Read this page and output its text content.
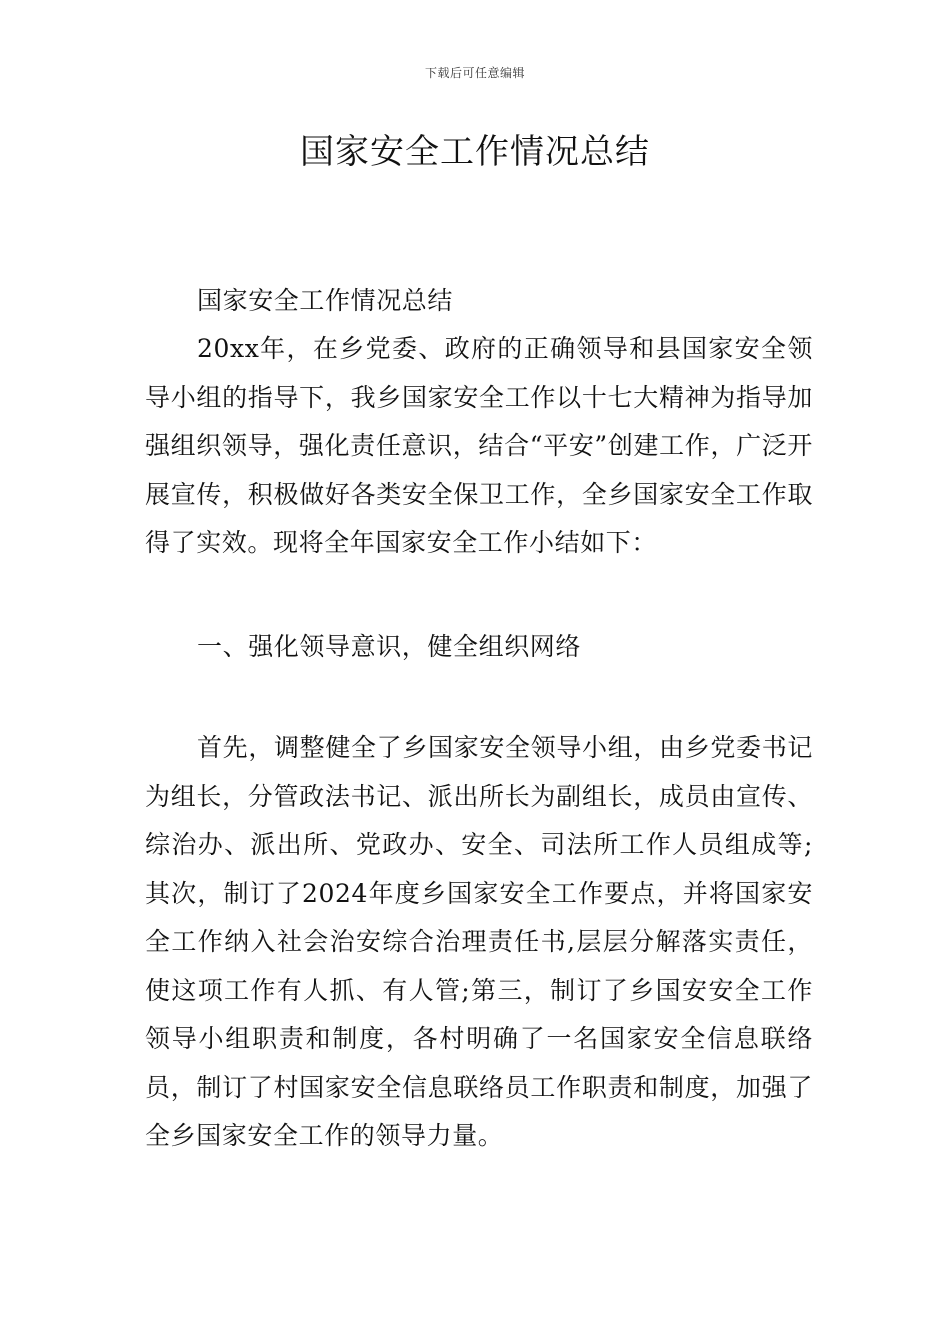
下载后可任意编辑
国家安全工作情况总结

国家安全工作情况总结

20xx年，在乡党委、政府的正确领导和县国家安全领导小组的指导下，我乡国家安全工作以十七大精神为指导加强组织领导，强化责任意识，结合“平安”创建工作，广泛开展宣传，积极做好各类安全保卫工作，全乡国家安全工作取得了实效。现将全年国家安全工作小结如下：

一、强化领导意识，健全组织网络

首先，调整健全了乡国家安全领导小组，由乡党委书记为组长，分管政法书记、派出所长为副组长，成员由宣传、综治办、派出所、党政办、安全、司法所工作人员组成等;其次，制订了2024年度乡国家安全工作要点，并将国家安全工作纳入社会治安综合治理责任书,层层分解落实责任，使这项工作有人抓、有人管;第三，制订了乡国安安全工作领导小组职责和制度，各村明确了一名国家安全信息联络员，制订了村国家安全信息联络员工作职责和制度，加强了全乡国家安全工作的领导力量。
